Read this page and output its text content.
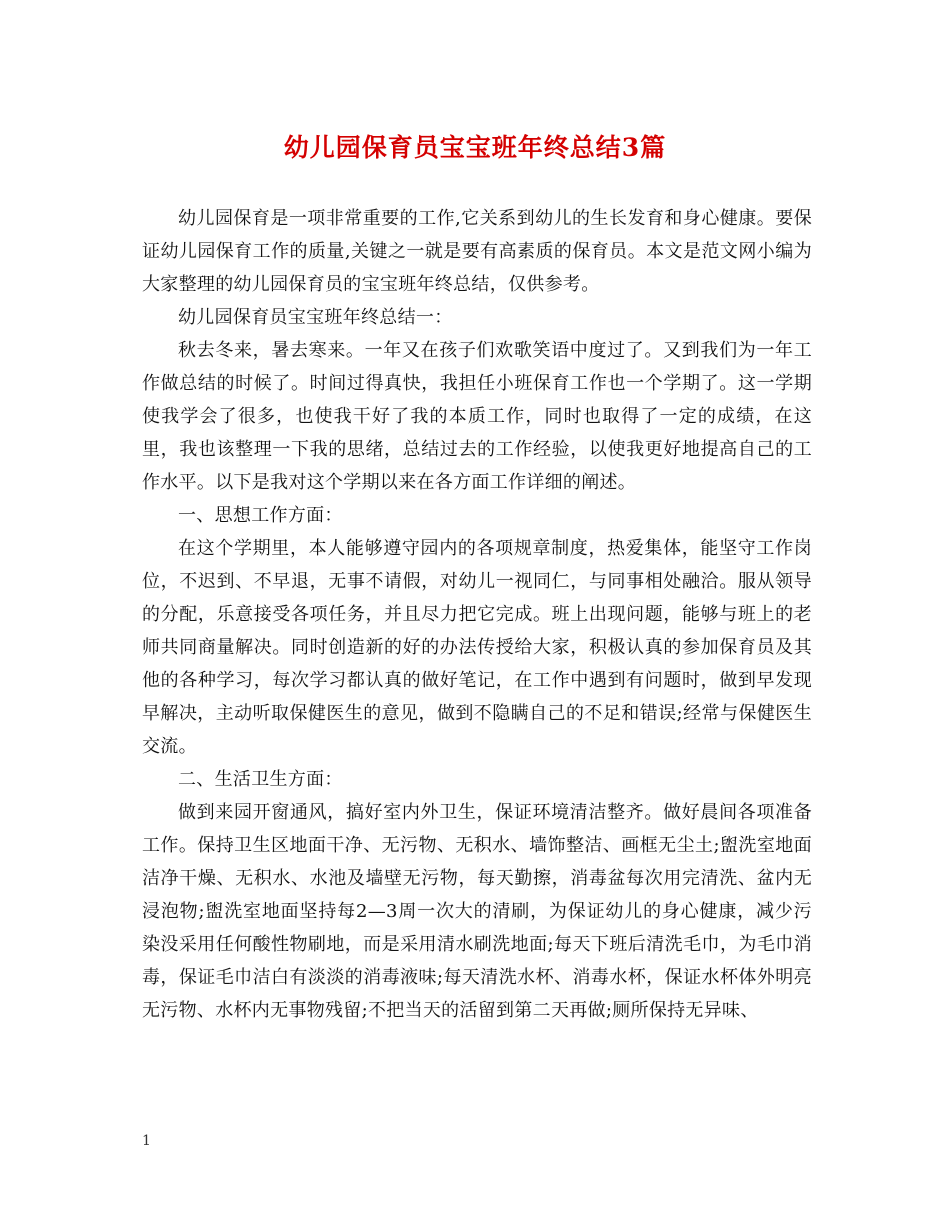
幼儿园保育员宝宝班年终总结3篇

幼儿园保育是一项非常重要的工作,它关系到幼儿的生长发育和身心健康。要保证幼儿园保育工作的质量,关键之一就是要有高素质的保育员。本文是范文网小编为大家整理的幼儿园保育员的宝宝班年终总结，仅供参考。

幼儿园保育员宝宝班年终总结一：

秋去冬来，暑去寒来。一年又在孩子们欢歌笑语中度过了。又到我们为一年工作做总结的时候了。时间过得真快，我担任小班保育工作也一个学期了。这一学期使我学会了很多，也使我干好了我的本质工作，同时也取得了一定的成绩，在这里，我也该整理一下我的思绪，总结过去的工作经验，以使我更好地提高自己的工作水平。以下是我对这个学期以来在各方面工作详细的阐述。

一、思想工作方面：

在这个学期里，本人能够遵守园内的各项规章制度，热爱集体，能坚守工作岗位，不迟到、不早退，无事不请假，对幼儿一视同仁，与同事相处融洽。服从领导的分配，乐意接受各项任务，并且尽力把它完成。班上出现问题，能够与班上的老师共同商量解决。同时创造新的好的办法传授给大家，积极认真的参加保育员及其他的各种学习，每次学习都认真的做好笔记，在工作中遇到有问题时，做到早发现早解决，主动听取保健医生的意见，做到不隐瞒自己的不足和错误;经常与保健医生交流。

二、生活卫生方面：

做到来园开窗通风，搞好室内外卫生，保证环境清洁整齐。做好晨间各项准备工作。保持卫生区地面干净、无污物、无积水、墙饰整洁、画框无尘土;盥洗室地面洁净干燥、无积水、水池及墙壁无污物，每天勤擦，消毒盆每次用完清洗、盆内无浸泡物;盥洗室地面坚持每2—3周一次大的清刷，为保证幼儿的身心健康，减少污染没采用任何酸性物刷地，而是采用清水刷洗地面;每天下班后清洗毛巾，为毛巾消毒，保证毛巾洁白有淡淡的消毒液味;每天清洗水杯、消毒水杯，保证水杯体外明亮无污物、水杯内无事物残留;不把当天的活留到第二天再做;厕所保持无异味、

1
